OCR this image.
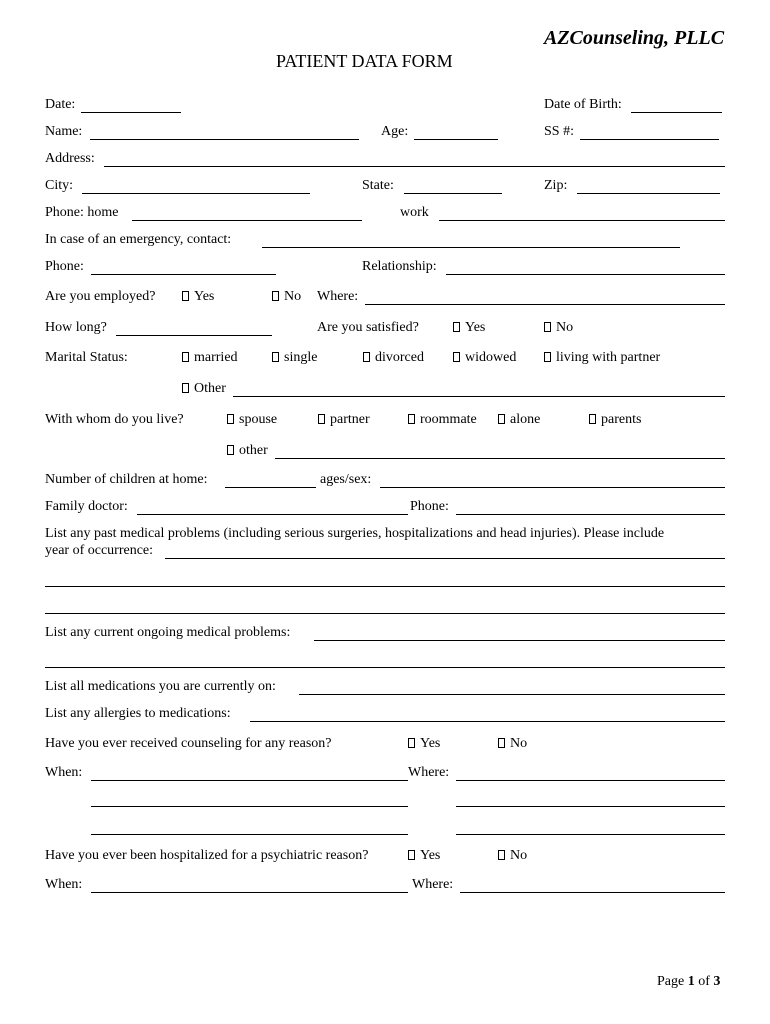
AZCounseling, PLLC
PATIENT DATA FORM
Date:	Date of Birth:
Name:	Age:	SS #:
Address:
City:	State:	Zip:
Phone: home	work
In case of an emergency, contact:
Phone:	Relationship:
Are you employed?	Yes	No Where:
How long?	Are you satisfied?	Yes	No
Marital Status:	married	single	divorced	widowed	living with partner
Other
With whom do you live?	spouse	partner	roommate	alone	parents
other
Number of children at home:	ages/sex:
Family doctor:	Phone:
List any past medical problems (including serious surgeries, hospitalizations and head injuries). Please include
year of occurrence:
List any current ongoing medical problems:
List all medications you are currently on:
List any allergies to medications:
Have you ever received counseling for any reason?	Yes	No
When:	Where:
Have you ever been hospitalized for a psychiatric reason?	Yes	No
When:	Where:
Page 1 of 3
